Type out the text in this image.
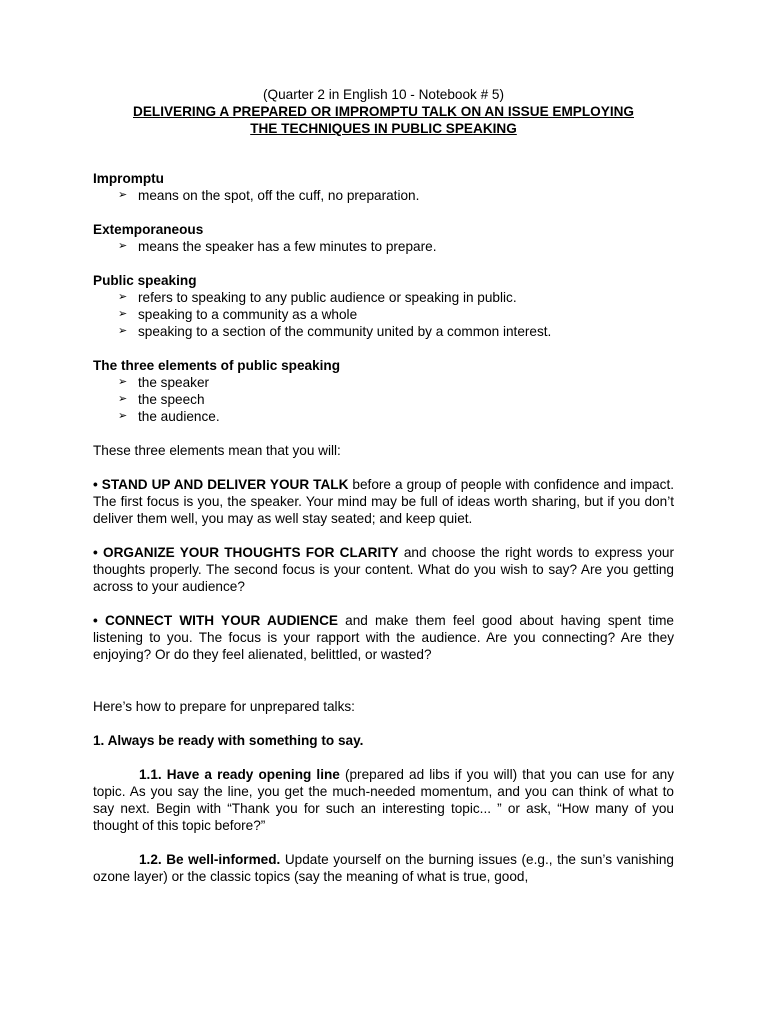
(Quarter 2 in English 10 - Notebook # 5)

DELIVERING A PREPARED OR IMPROMPTU TALK ON AN ISSUE EMPLOYING

THE TECHNIQUES IN PUBLIC SPEAKING

Impromptu

➢ means on the spot, off the cuff, no preparation.

Extemporaneous

➢ means the speaker has a few minutes to prepare.

Public speaking

➢ refers to speaking to any public audience or speaking in public.
➢ speaking to a community as a whole
➢ speaking to a section of the community united by a common interest.

The three elements of public speaking

➢ the speaker
➢ the speech
➢ the audience.

These three elements mean that you will:

• STAND UP AND DELIVER YOUR TALK before a group of people with confidence and impact. The first focus is you, the speaker. Your mind may be full of ideas worth sharing, but if you don’t deliver them well, you may as well stay seated; and keep quiet.

• ORGANIZE YOUR THOUGHTS FOR CLARITY and choose the right words to express your thoughts properly. The second focus is your content. What do you wish to say? Are you getting across to your audience?

• CONNECT WITH YOUR AUDIENCE and make them feel good about having spent time listening to you. The focus is your rapport with the audience. Are you connecting? Are they enjoying? Or do they feel alienated, belittled, or wasted?

Here’s how to prepare for unprepared talks:

1. Always be ready with something to say.

1.1. Have a ready opening line (prepared ad libs if you will) that you can use for any topic. As you say the line, you get the much-needed momentum, and you can think of what to say next. Begin with “Thank you for such an interesting topic... ” or ask, “How many of you thought of this topic before?”

1.2. Be well-informed. Update yourself on the burning issues (e.g., the sun’s vanishing ozone layer) or the classic topics (say the meaning of what is true, good,
